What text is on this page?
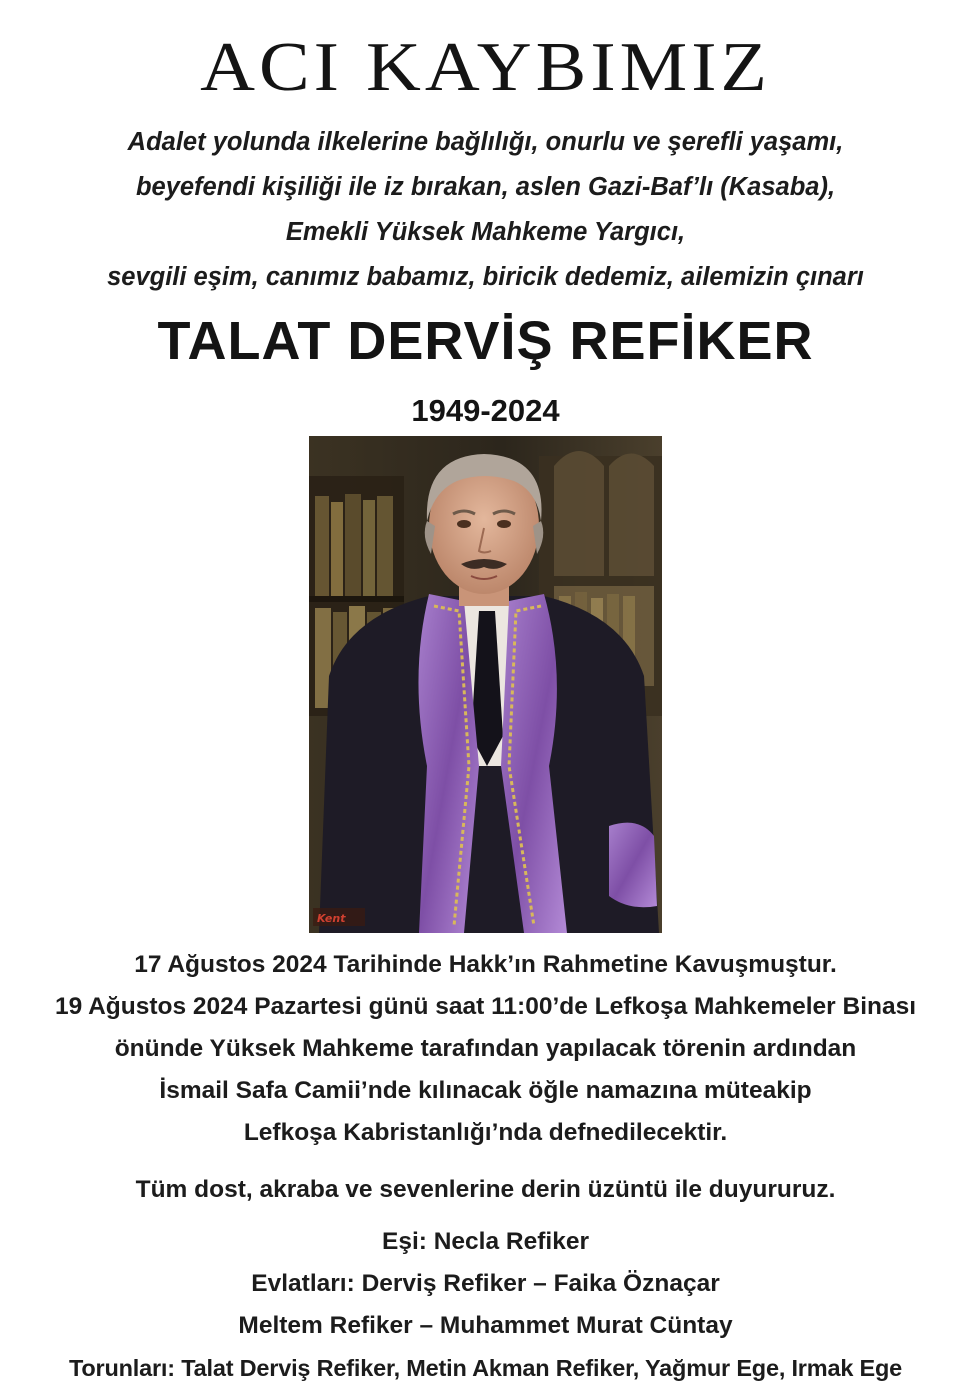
ACI KAYBIMIZ
Adalet yolunda ilkelerine bağlılığı, onurlu ve şerefli yaşamı,
beyefendi kişiliği ile iz bırakan, aslen Gazi-Baf’lı (Kasaba),
Emekli Yüksek Mahkeme Yargıcı,
sevgili eşim, canımız babamız, biricik dedemiz, ailemizin çınarı
TALAT DERVİŞ REFİKER
1949-2024
Kent
17 Ağustos 2024 Tarihinde Hakk’ın Rahmetine Kavuşmuştur.
19 Ağustos 2024 Pazartesi günü saat 11:00’de Lefkoşa Mahkemeler Binası
önünde Yüksek Mahkeme tarafından yapılacak törenin ardından
İsmail Safa Camii’nde kılınacak öğle namazına müteakip
Lefkoşa Kabristanlığı’nda defnedilecektir.
Tüm dost, akraba ve sevenlerine derin üzüntü ile duyururuz.
Eşi: Necla Refiker
Evlatları: Derviş Refiker – Faika Öznaçar
Meltem Refiker – Muhammet Murat Cüntay
Torunları: Talat Derviş Refiker, Metin Akman Refiker, Yağmur Ege, Irmak Ege
